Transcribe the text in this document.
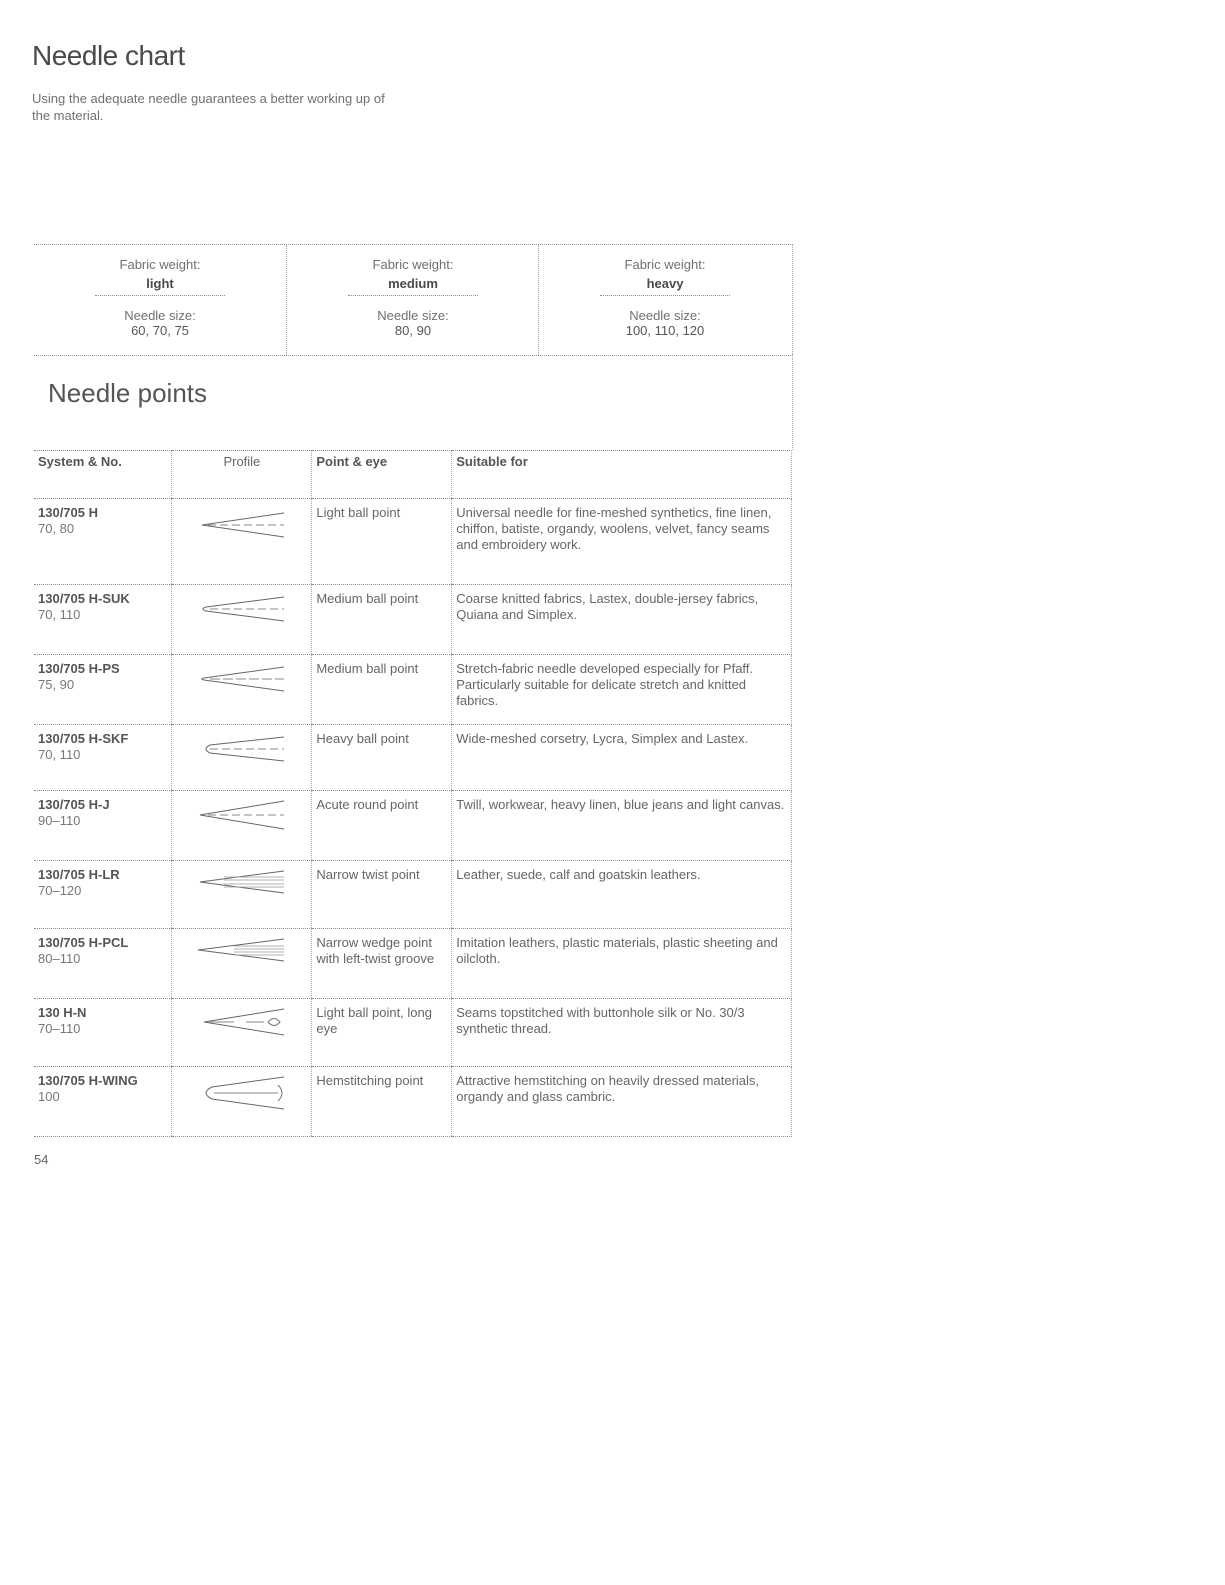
Needle chart
Using the adequate needle guarantees a better working up of the material.
Fabric weight:
light
Needle size:
60, 70, 75
Fabric weight:
medium
Needle size:
80, 90
Fabric weight:
heavy
Needle size:
100, 110, 120
Needle points
System & No.	Profile	Point & eye	Suitable for

130/705 H
70, 80		Light ball point	Universal needle for fine-meshed synthetics, fine linen, chiffon, batiste, organdy, woolens, velvet, fancy seams and embroidery work.

130/705 H-SUK
70, 110		Medium ball point	Coarse knitted fabrics, Lastex, double-jersey fabrics, Quiana and Simplex.

130/705 H-PS
75, 90		Medium ball point	Stretch-fabric needle developed especially for Pfaff. Particularly suitable for delicate stretch and knitted fabrics.

130/705 H-SKF
70, 110		Heavy ball point	Wide-meshed corsetry, Lycra, Simplex and Lastex.

130/705 H-J
90–110		Acute round point	Twill, workwear, heavy linen, blue jeans and light canvas.

130/705 H-LR
70–120		Narrow twist point	Leather, suede, calf and goatskin leathers.

130/705 H-PCL
80–110		Narrow wedge point with left-twist groove	Imitation leathers, plastic materials, plastic sheeting and oilcloth.

130 H-N
70–110		Light ball point, long eye	Seams topstitched with buttonhole silk or No. 30/3 synthetic thread.

130/705 H-WING
100		Hemstitching point	Attractive hemstitching on heavily dressed materials, organdy and glass cambric.
54
